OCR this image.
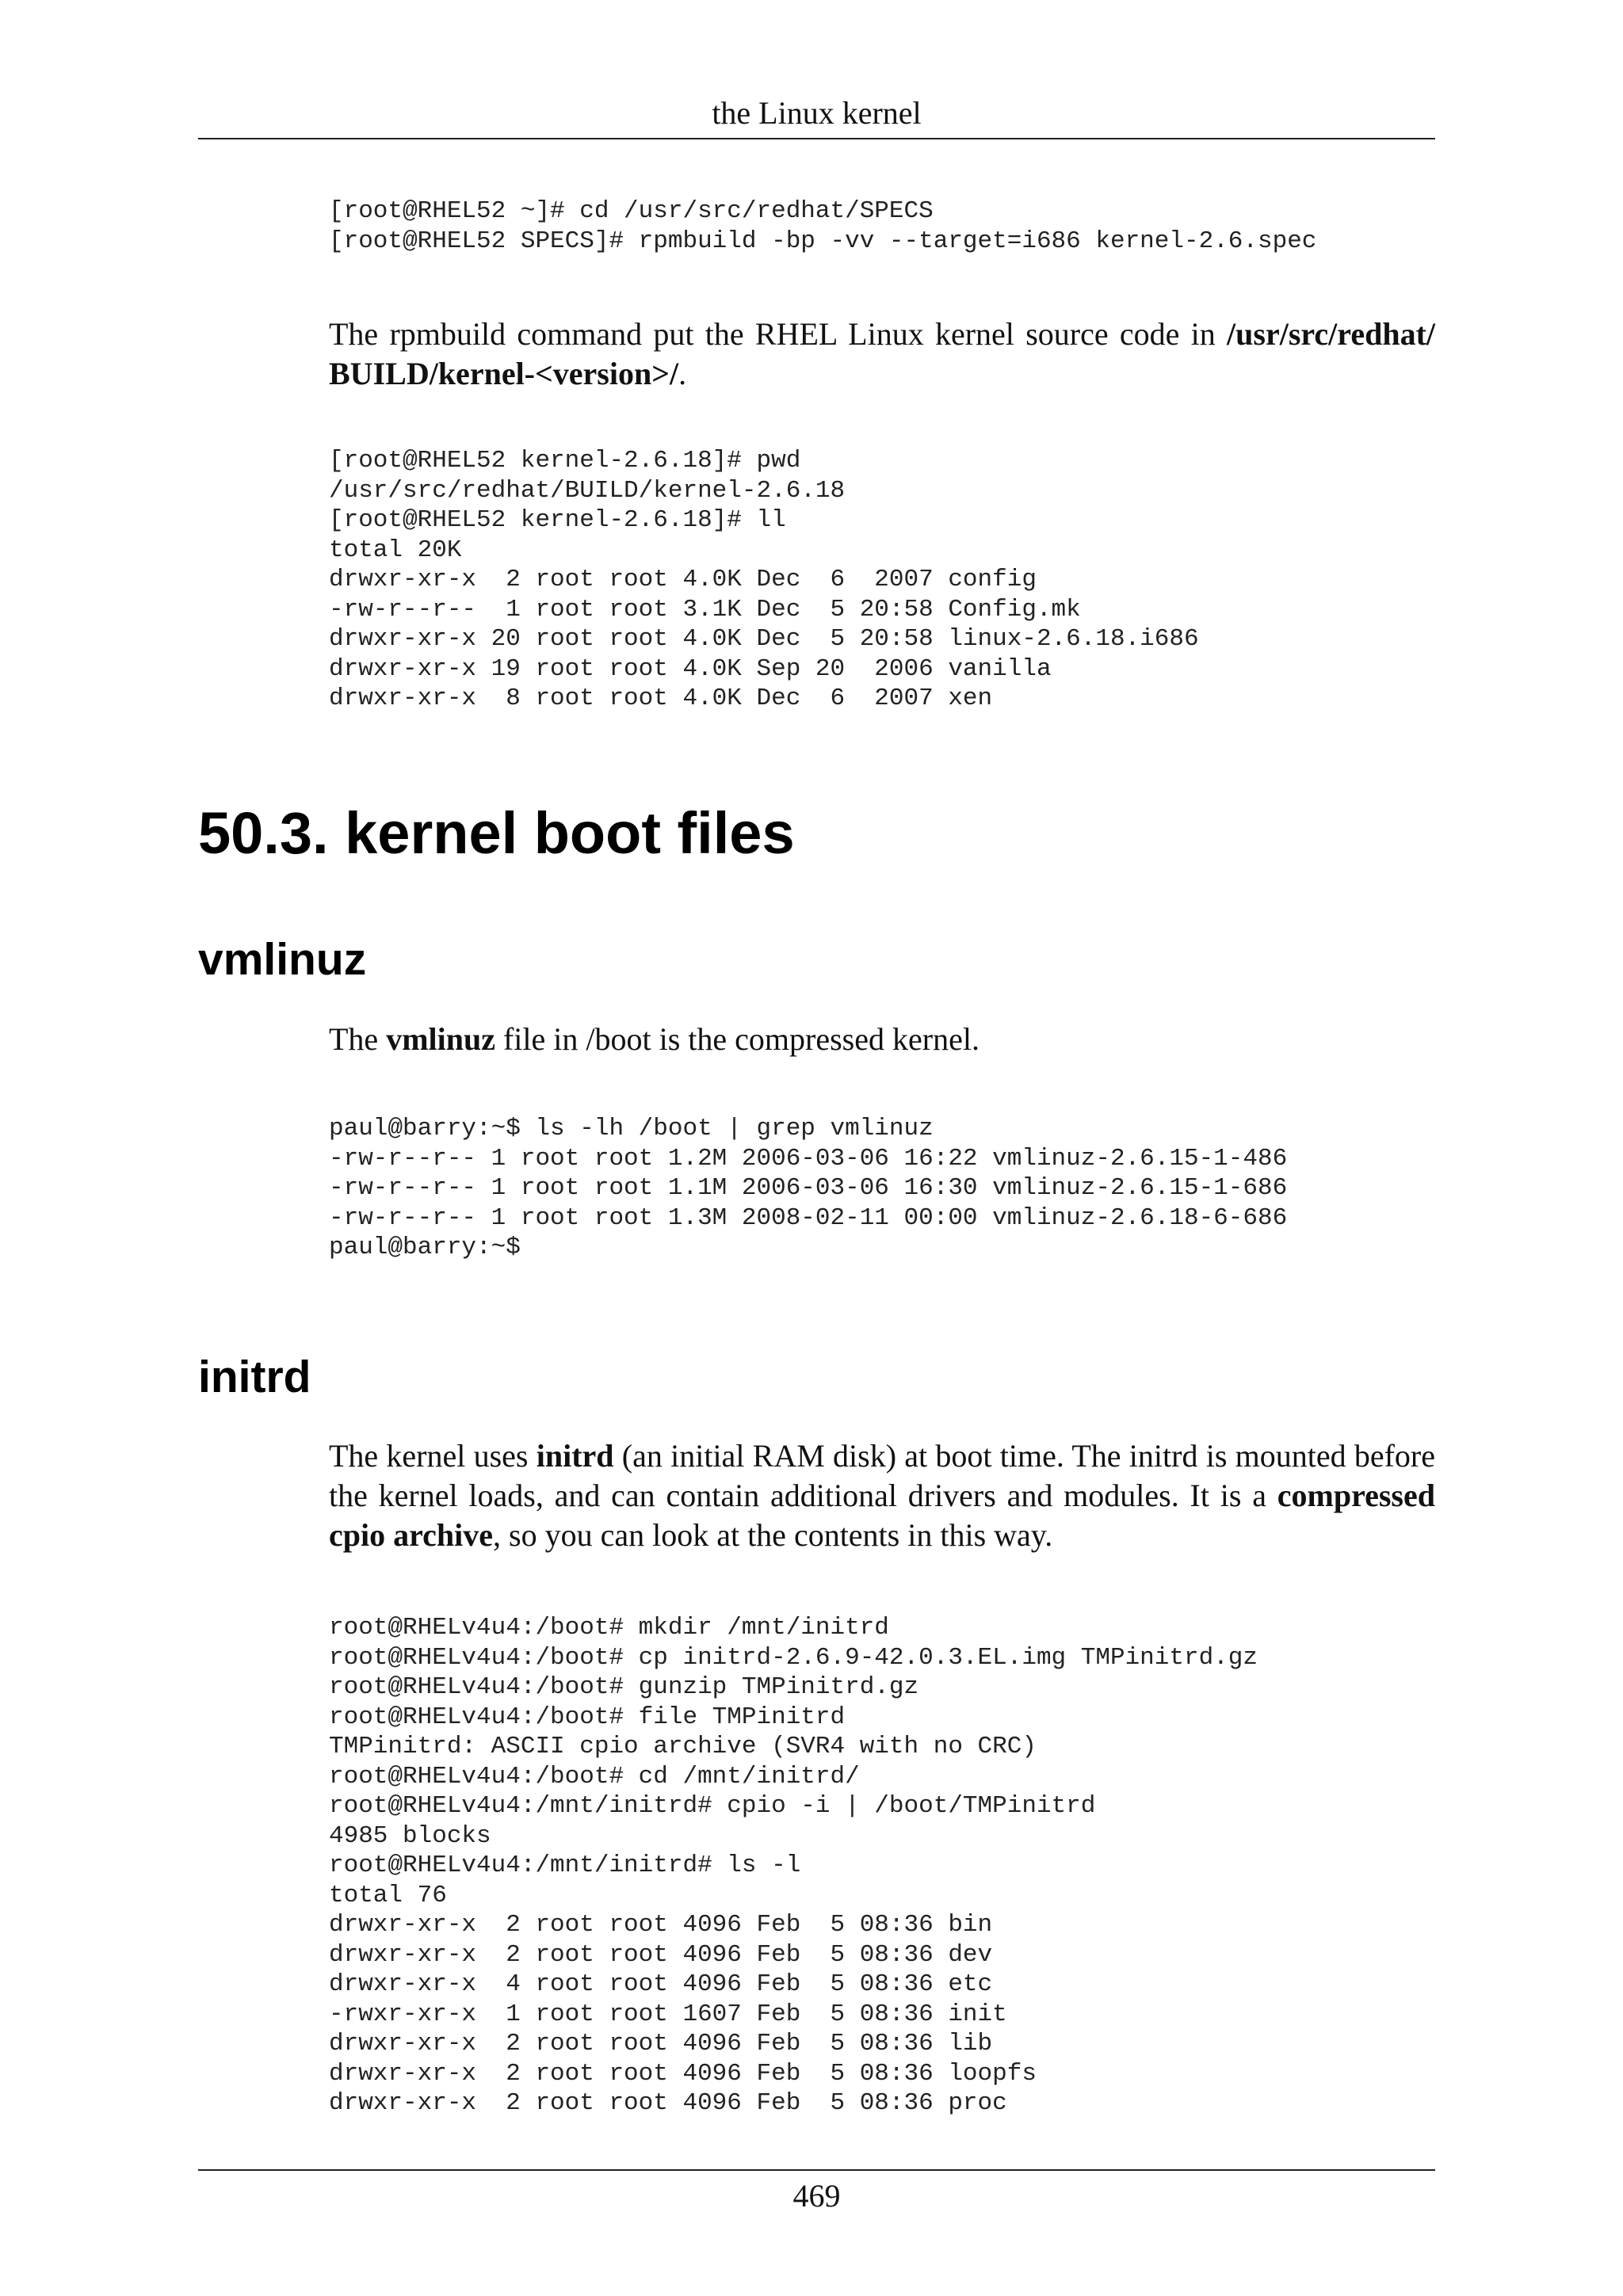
the Linux kernel
[root@RHEL52 ~]# cd /usr/src/redhat/SPECS
[root@RHEL52 SPECS]# rpmbuild -bp -vv --target=i686 kernel-2.6.spec

The rpmbuild command put the RHEL Linux kernel source code in /usr/src/redhat/ BUILD/kernel-<version>/.

[root@RHEL52 kernel-2.6.18]# pwd
/usr/src/redhat/BUILD/kernel-2.6.18
[root@RHEL52 kernel-2.6.18]# ll
total 20K
drwxr-xr-x  2 root root 4.0K Dec  6  2007 config
-rw-r--r--  1 root root 3.1K Dec  5 20:58 Config.mk
drwxr-xr-x 20 root root 4.0K Dec  5 20:58 linux-2.6.18.i686
drwxr-xr-x 19 root root 4.0K Sep 20  2006 vanilla
drwxr-xr-x  8 root root 4.0K Dec  6  2007 xen
50.3. kernel boot files
vmlinuz

The vmlinuz file in /boot is the compressed kernel.

paul@barry:~$ ls -lh /boot | grep vmlinuz
-rw-r--r-- 1 root root 1.2M 2006-03-06 16:22 vmlinuz-2.6.15-1-486
-rw-r--r-- 1 root root 1.1M 2006-03-06 16:30 vmlinuz-2.6.15-1-686
-rw-r--r-- 1 root root 1.3M 2008-02-11 00:00 vmlinuz-2.6.18-6-686
paul@barry:~$
initrd

The kernel uses initrd (an initial RAM disk) at boot time. The initrd is mounted before the kernel loads, and can contain additional drivers and modules. It is a compressed cpio archive, so you can look at the contents in this way.

root@RHELv4u4:/boot# mkdir /mnt/initrd
root@RHELv4u4:/boot# cp initrd-2.6.9-42.0.3.EL.img TMPinitrd.gz
root@RHELv4u4:/boot# gunzip TMPinitrd.gz
root@RHELv4u4:/boot# file TMPinitrd
TMPinitrd: ASCII cpio archive (SVR4 with no CRC)
root@RHELv4u4:/boot# cd /mnt/initrd/
root@RHELv4u4:/mnt/initrd# cpio -i | /boot/TMPinitrd
4985 blocks
root@RHELv4u4:/mnt/initrd# ls -l
total 76
drwxr-xr-x  2 root root 4096 Feb  5 08:36 bin
drwxr-xr-x  2 root root 4096 Feb  5 08:36 dev
drwxr-xr-x  4 root root 4096 Feb  5 08:36 etc
-rwxr-xr-x  1 root root 1607 Feb  5 08:36 init
drwxr-xr-x  2 root root 4096 Feb  5 08:36 lib
drwxr-xr-x  2 root root 4096 Feb  5 08:36 loopfs
drwxr-xr-x  2 root root 4096 Feb  5 08:36 proc
469
